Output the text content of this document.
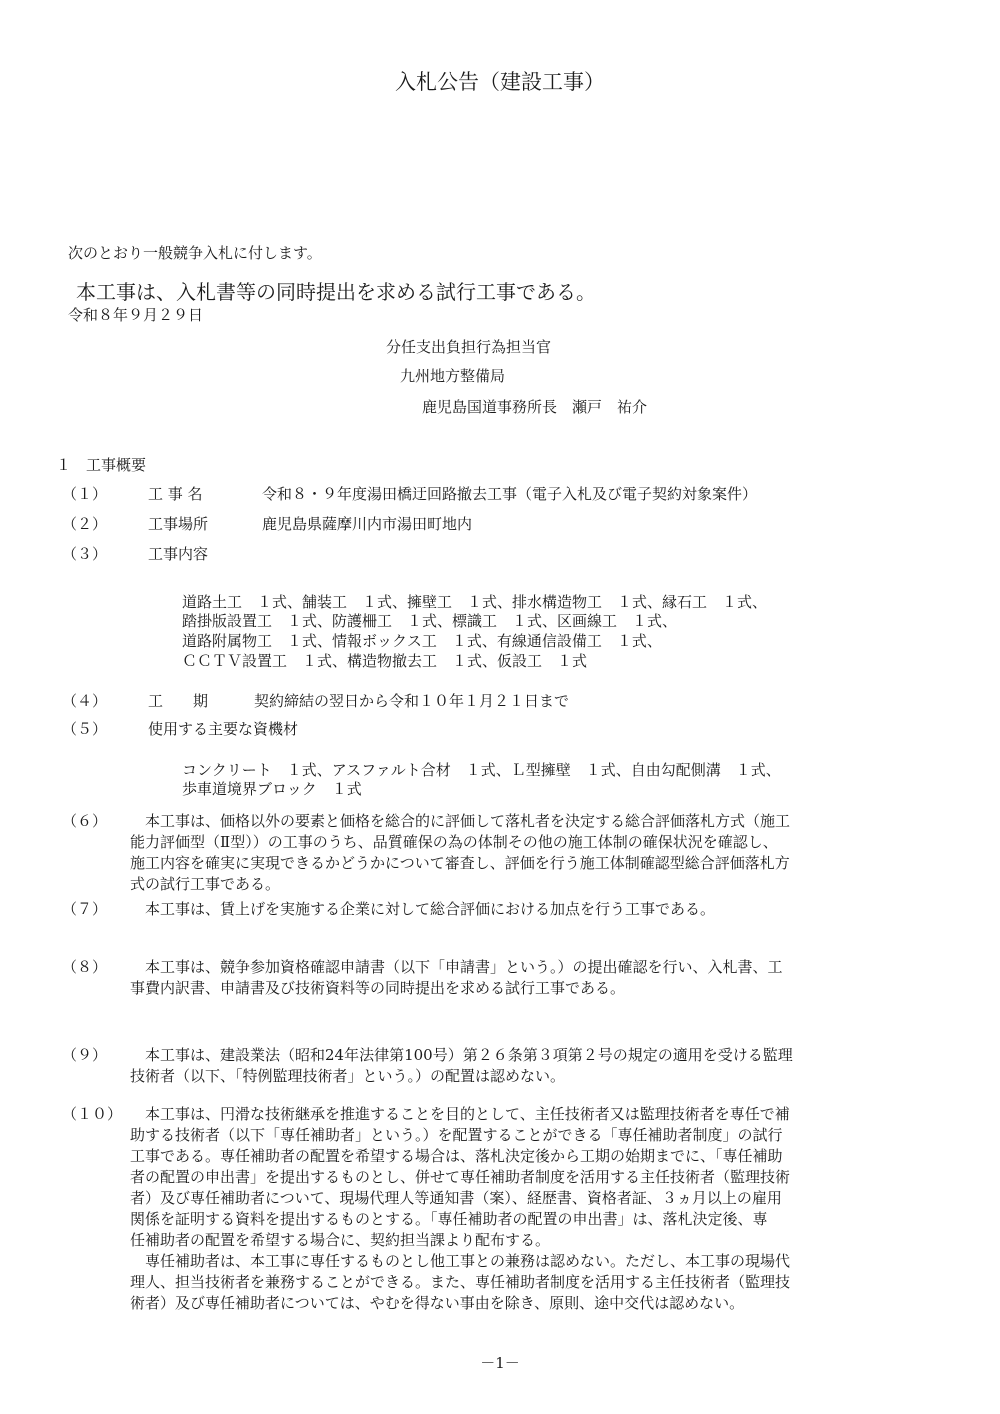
入札公告（建設工事）
次のとおり一般競争入札に付します。
本工事は、入札書等の同時提出を求める試行工事である。
令和８年９月２９日
分任支出負担行為担当官
九州地方整備局
鹿児島国道事務所長　瀬戸　祐介
１　工事概要
（１）	工 事 名	令和８・９年度湯田橋迂回路撤去工事（電子入札及び電子契約対象案件）
（２）	工事場所	鹿児島県薩摩川内市湯田町地内
（３）	工事内容
道路土工　１式、舗装工　１式、擁壁工　１式、排水構造物工　１式、縁石工　１式、
踏掛版設置工　１式、防護柵工　１式、標識工　１式、区画線工　１式、
道路附属物工　１式、情報ボックス工　１式、有線通信設備工　１式、
ＣＣＴＶ設置工　１式、構造物撤去工　１式、仮設工　１式
（４）	工　　期	契約締結の翌日から令和１０年１月２１日まで
（５）	使用する主要な資機材
コンクリート　１式、アスファルト合材　１式、Ｌ型擁壁　１式、自由勾配側溝　１式、
歩車道境界ブロック　１式
（６） 　本工事は、価格以外の要素と価格を総合的に評価して落札者を決定する総合評価落札方式（施工
能力評価型（Ⅱ型））の工事のうち、品質確保の為の体制その他の施工体制の確保状況を確認し、
施工内容を確実に実現できるかどうかについて審査し、評価を行う施工体制確認型総合評価落札方
式の試行工事である。
（７） 　本工事は、賃上げを実施する企業に対して総合評価における加点を行う工事である。
（８） 　本工事は、競争参加資格確認申請書（以下「申請書」という。）の提出確認を行い、入札書、工
事費内訳書、申請書及び技術資料等の同時提出を求める試行工事である。
（９） 　本工事は、建設業法（昭和24年法律第100号）第２６条第３項第２号の規定の適用を受ける監理
技術者（以下、「特例監理技術者」という。）の配置は認めない。
（１０） 　本工事は、円滑な技術継承を推進することを目的として、主任技術者又は監理技術者を専任で補
助する技術者（以下「専任補助者」という。）を配置することができる「専任補助者制度」の試行
工事である。専任補助者の配置を希望する場合は、落札決定後から工期の始期までに、「専任補助
者の配置の申出書」を提出するものとし、併せて専任補助者制度を活用する主任技術者（監理技術
者）及び専任補助者について、現場代理人等通知書（案）、経歴書、資格者証、３ヵ月以上の雇用
関係を証明する資料を提出するものとする。「専任補助者の配置の申出書」は、落札決定後、専
任補助者の配置を希望する場合に、契約担当課より配布する。
　専任補助者は、本工事に専任するものとし他工事との兼務は認めない。ただし、本工事の現場代
理人、担当技術者を兼務することができる。また、専任補助者制度を活用する主任技術者（監理技
術者）及び専任補助者については、やむを得ない事由を除き、原則、途中交代は認めない。
－1－
